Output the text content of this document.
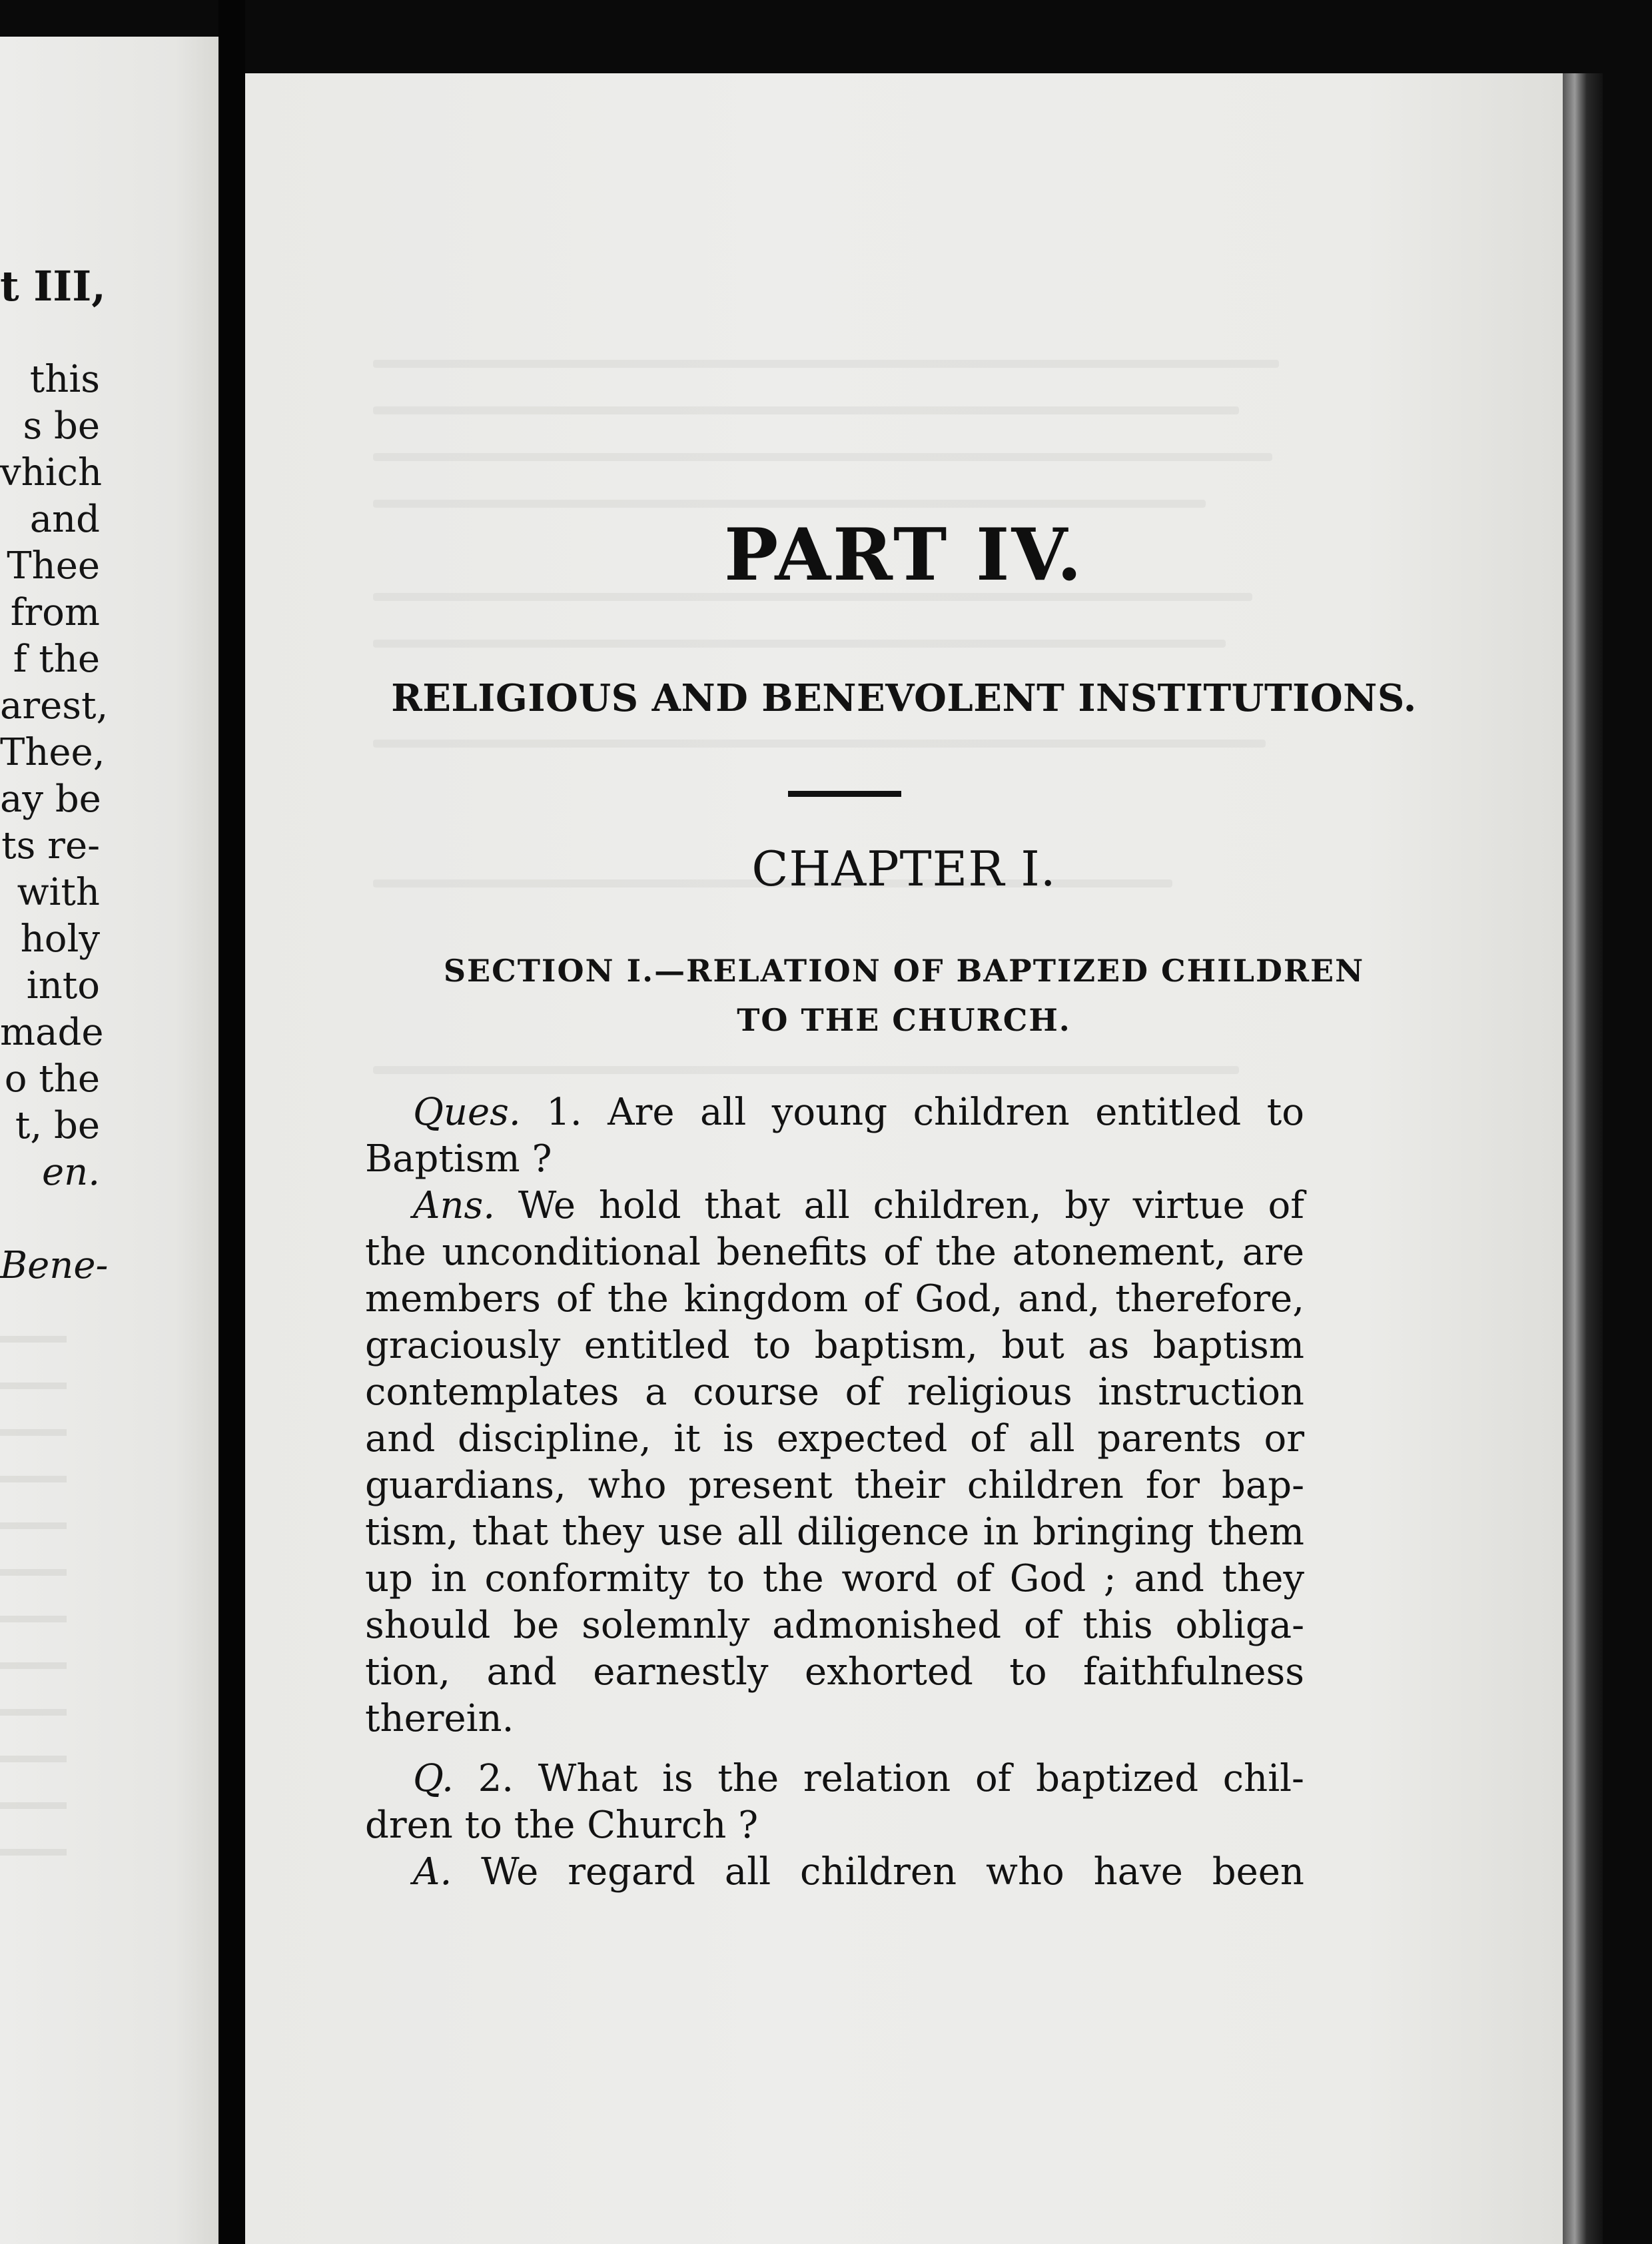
t III,
this
s be
vhich
and
Thee
from
f the
arest,
Thee,
ay be
ts re-
with
holy
into
made
o the
t, be
en.
Bene-
PART IV.
RELIGIOUS AND BENEVOLENT INSTITUTIONS.
CHAPTER I.
SECTION I.—RELATION OF BAPTIZED CHILDREN
TO THE CHURCH.
Ques. 1. Are all young children entitled to
Baptism ?
Ans. We hold that all children, by virtue of
the unconditional benefits of the atonement, are
members of the kingdom of God, and, therefore,
graciously entitled to baptism, but as baptism
contemplates a course of religious instruction
and discipline, it is expected of all parents or
guardians, who present their children for bap-
tism, that they use all diligence in bringing them
up in conformity to the word of God ; and they
should be solemnly admonished of this obliga-
tion, and earnestly exhorted to faithfulness
therein.
Q. 2. What is the relation of baptized chil-
dren to the Church ?
A. We regard all children who have been
